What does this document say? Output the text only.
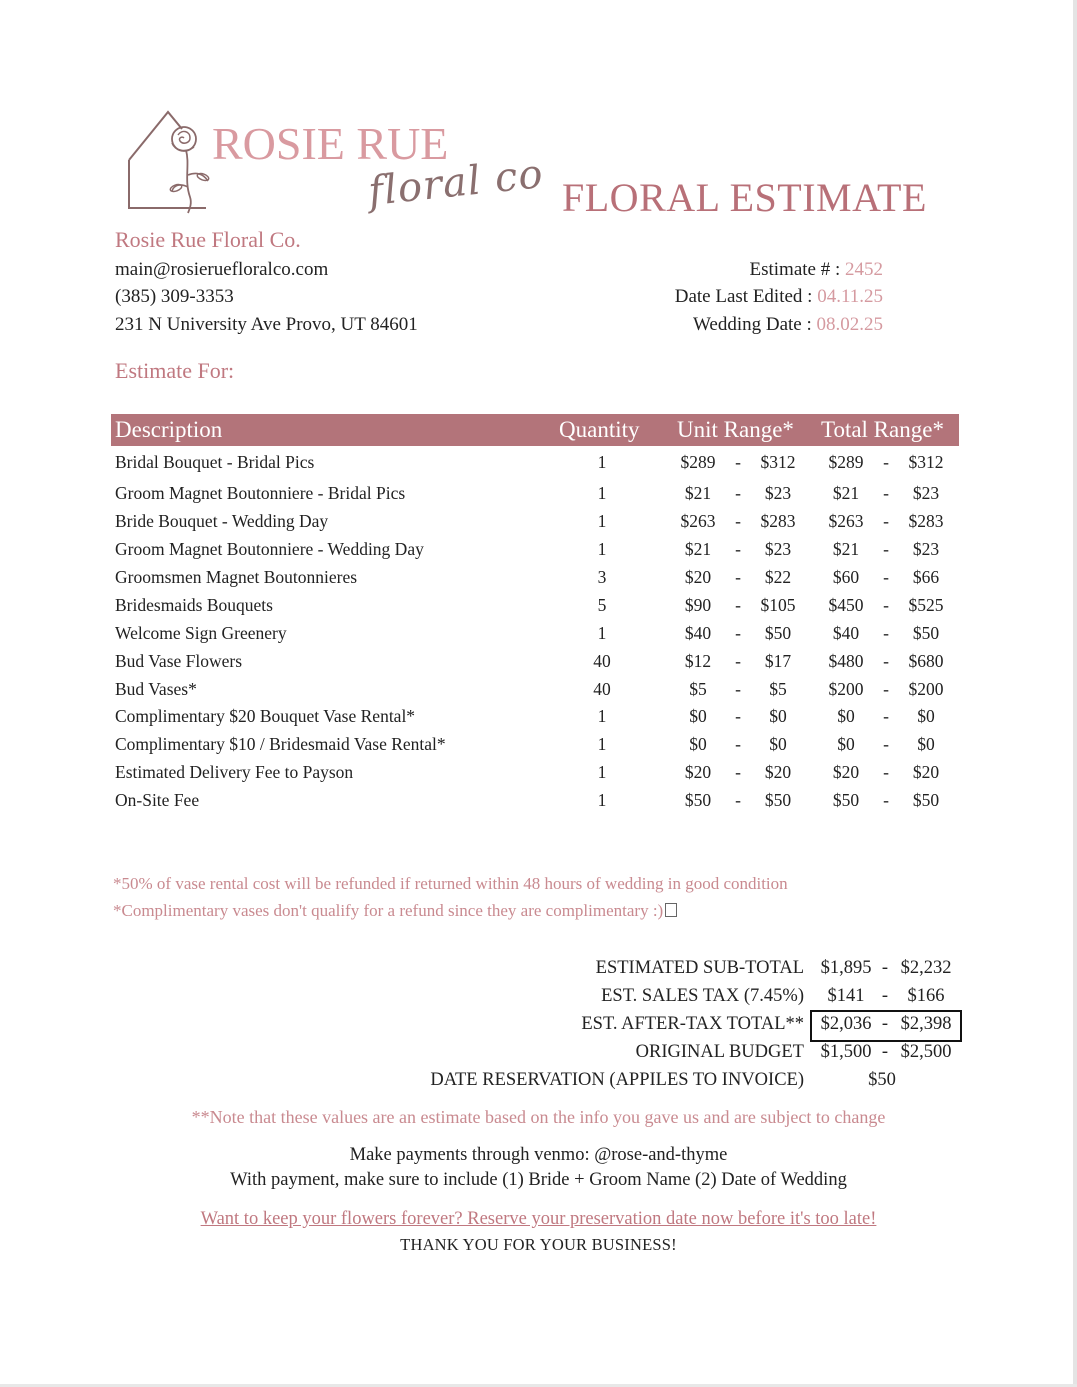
ROSIE RUE
floral co FLORAL ESTIMATE
Rosie Rue Floral Co.
main@rosieruefloralco.com
(385) 309-3353
231 N University Ave Provo, UT 84601
Estimate # : 2452
Date Last Edited : 04.11.25
Wedding Date : 08.02.25
Estimate For:
Description	Quantity Unit Range* Total Range*
Bridal Bouquet - Bridal Pics	1	$289	-	$312	$289	-	$312
Groom Magnet Boutonniere - Bridal Pics	1	$21	-	$23	$21	-	$23
Bride Bouquet - Wedding Day	1	$263	-	$283	$263	-	$283
Groom Magnet Boutonniere - Wedding Day	1	$21	-	$23	$21	-	$23
Groomsmen Magnet Boutonnieres	3	$20	-	$22	$60	-	$66
Bridesmaids Bouquets	5	$90	-	$105	$450	-	$525
Welcome Sign Greenery	1	$40	-	$50	$40	-	$50
Bud Vase Flowers	40	$12	-	$17	$480	-	$680
Bud Vases*	40	$5	-	$5	$200	-	$200
Complimentary $20 Bouquet Vase Rental*	1	$0	-	$0	$0	-	$0
Complimentary $10 / Bridesmaid Vase Rental*	1	$0	-	$0	$0	-	$0
Estimated Delivery Fee to Payson	1	$20	-	$20	$20	-	$20
On-Site Fee	1	$50	-	$50	$50	-	$50
*50% of vase rental cost will be refunded if returned within 48 hours of wedding in good condition
*Complimentary vases don't qualify for a refund since they are complimentary :)
ESTIMATED SUB-TOTAL $1,895 - $2,232
EST. SALES TAX (7.45%)	$141 -	$166
EST. AFTER-TAX TOTAL** $2,036 - $2,398
ORIGINAL BUDGET $1,500 - $2,500
DATE RESERVATION (APPILES TO INVOICE)	$50
**Note that these values are an estimate based on the info you gave us and are subject to change
Make payments through venmo: @rose-and-thyme
With payment, make sure to include (1) Bride + Groom Name (2) Date of Wedding
Want to keep your flowers forever? Reserve your preservation date now before it's too late!
THANK YOU FOR YOUR BUSINESS!
